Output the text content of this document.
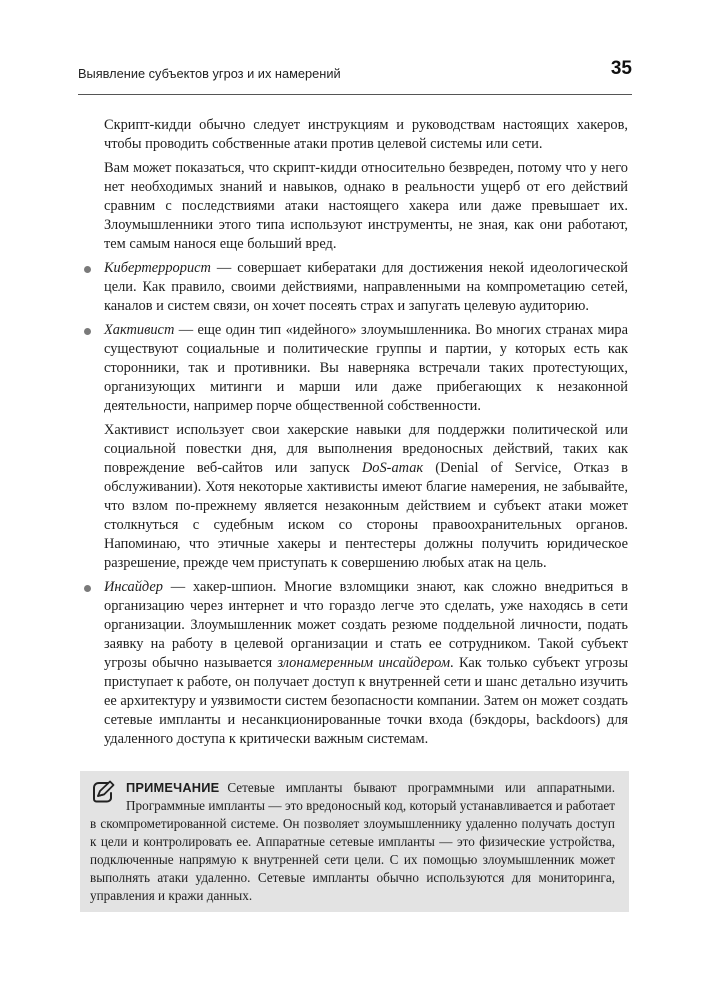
Выявление субъектов угроз и их намерений	35

Скрипт-кидди обычно следует инструкциям и руководствам настоящих хакеров, чтобы проводить собственные атаки против целевой системы или сети.

Вам может показаться, что скрипт-кидди относительно безвреден, потому что у него нет необходимых знаний и навыков, однако в реальности ущерб от его действий сравним с последствиями атаки настоящего хакера или даже превышает их. Злоумышленники этого типа используют инструменты, не зная, как они работают, тем самым нанося еще больший вред.

Кибертеррорист — совершает кибератаки для достижения некой идеологической цели. Как правило, своими действиями, направленными на компрометацию сетей, каналов и систем связи, он хочет посеять страх и запугать целевую аудиторию.

Хактивист — еще один тип «идейного» злоумышленника. Во многих странах мира существуют социальные и политические группы и партии, у которых есть как сторонники, так и противники. Вы наверняка встречали таких протестующих, организующих митинги и марши или даже прибегающих к незаконной деятельности, например порче общественной собственности.

Хактивист использует свои хакерские навыки для поддержки политической или социальной повестки дня, для выполнения вредоносных действий, таких как повреждение веб-сайтов или запуск DoS-атак (Denial of Service, Отказ в обслуживании). Хотя некоторые хактивисты имеют благие намерения, не забывайте, что взлом по-прежнему является незаконным действием и субъект атаки может столкнуться с судебным иском со стороны правоохранительных органов. Напоминаю, что этичные хакеры и пентестеры должны получить юридическое разрешение, прежде чем приступать к совершению любых атак на цель.

Инсайдер — хакер-шпион. Многие взломщики знают, как сложно внедриться в организацию через интернет и что гораздо легче это сделать, уже находясь в сети организации. Злоумышленник может создать резюме поддельной личности, подать заявку на работу в целевой организации и стать ее сотрудником. Такой субъект угрозы обычно называется злонамеренным инсайдером. Как только субъект угрозы приступает к работе, он получает доступ к внутренней сети и шанс детально изучить ее архитектуру и уязвимости систем безопасности компании. Затем он может создать сетевые импланты и несанкционированные точки входа (бэкдоры, backdoors) для удаленного доступа к критически важным системам.

ПРИМЕЧАНИЕ Сетевые импланты бывают программными или аппаратными. Программные импланты — это вредоносный код, который устанавливается и работает в скомпрометированной системе. Он позволяет злоумышленнику удаленно получать доступ к цели и контролировать ее. Аппаратные сетевые импланты — это физические устройства, подключенные напрямую к внутренней сети цели. С их помощью злоумышленник может выполнять атаки удаленно. Сетевые импланты обычно используются для мониторинга, управления и кражи данных.
